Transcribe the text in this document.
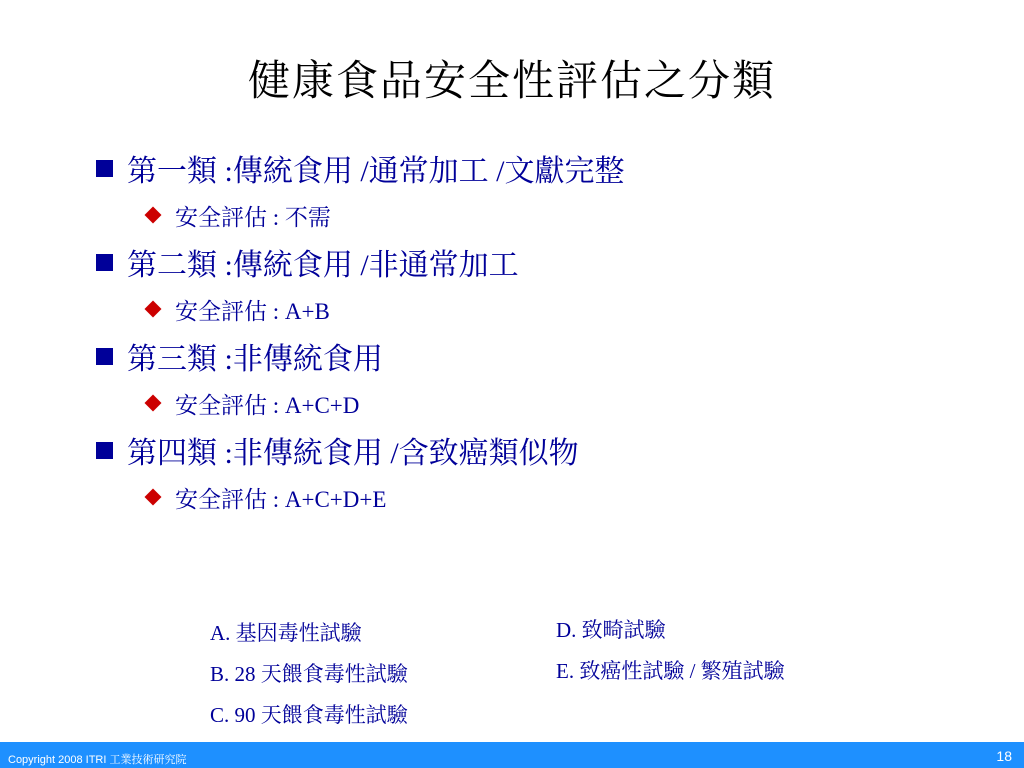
健康食品安全性評估之分類
第一類 :傳統食用 /通常加工 /文獻完整
安全評估 : 不需
第二類 :傳統食用 /非通常加工
安全評估 : A+B
第三類 :非傳統食用
安全評估 : A+C+D
第四類 :非傳統食用 /含致癌類似物
安全評估 : A+C+D+E
A. 基因毒性試驗
B. 28 天餵食毒性試驗
C. 90 天餵食毒性試驗
D. 致畸試驗
E. 致癌性試驗 / 繁殖試驗
Copyright 2008 ITRI 工業技術研究院	18
